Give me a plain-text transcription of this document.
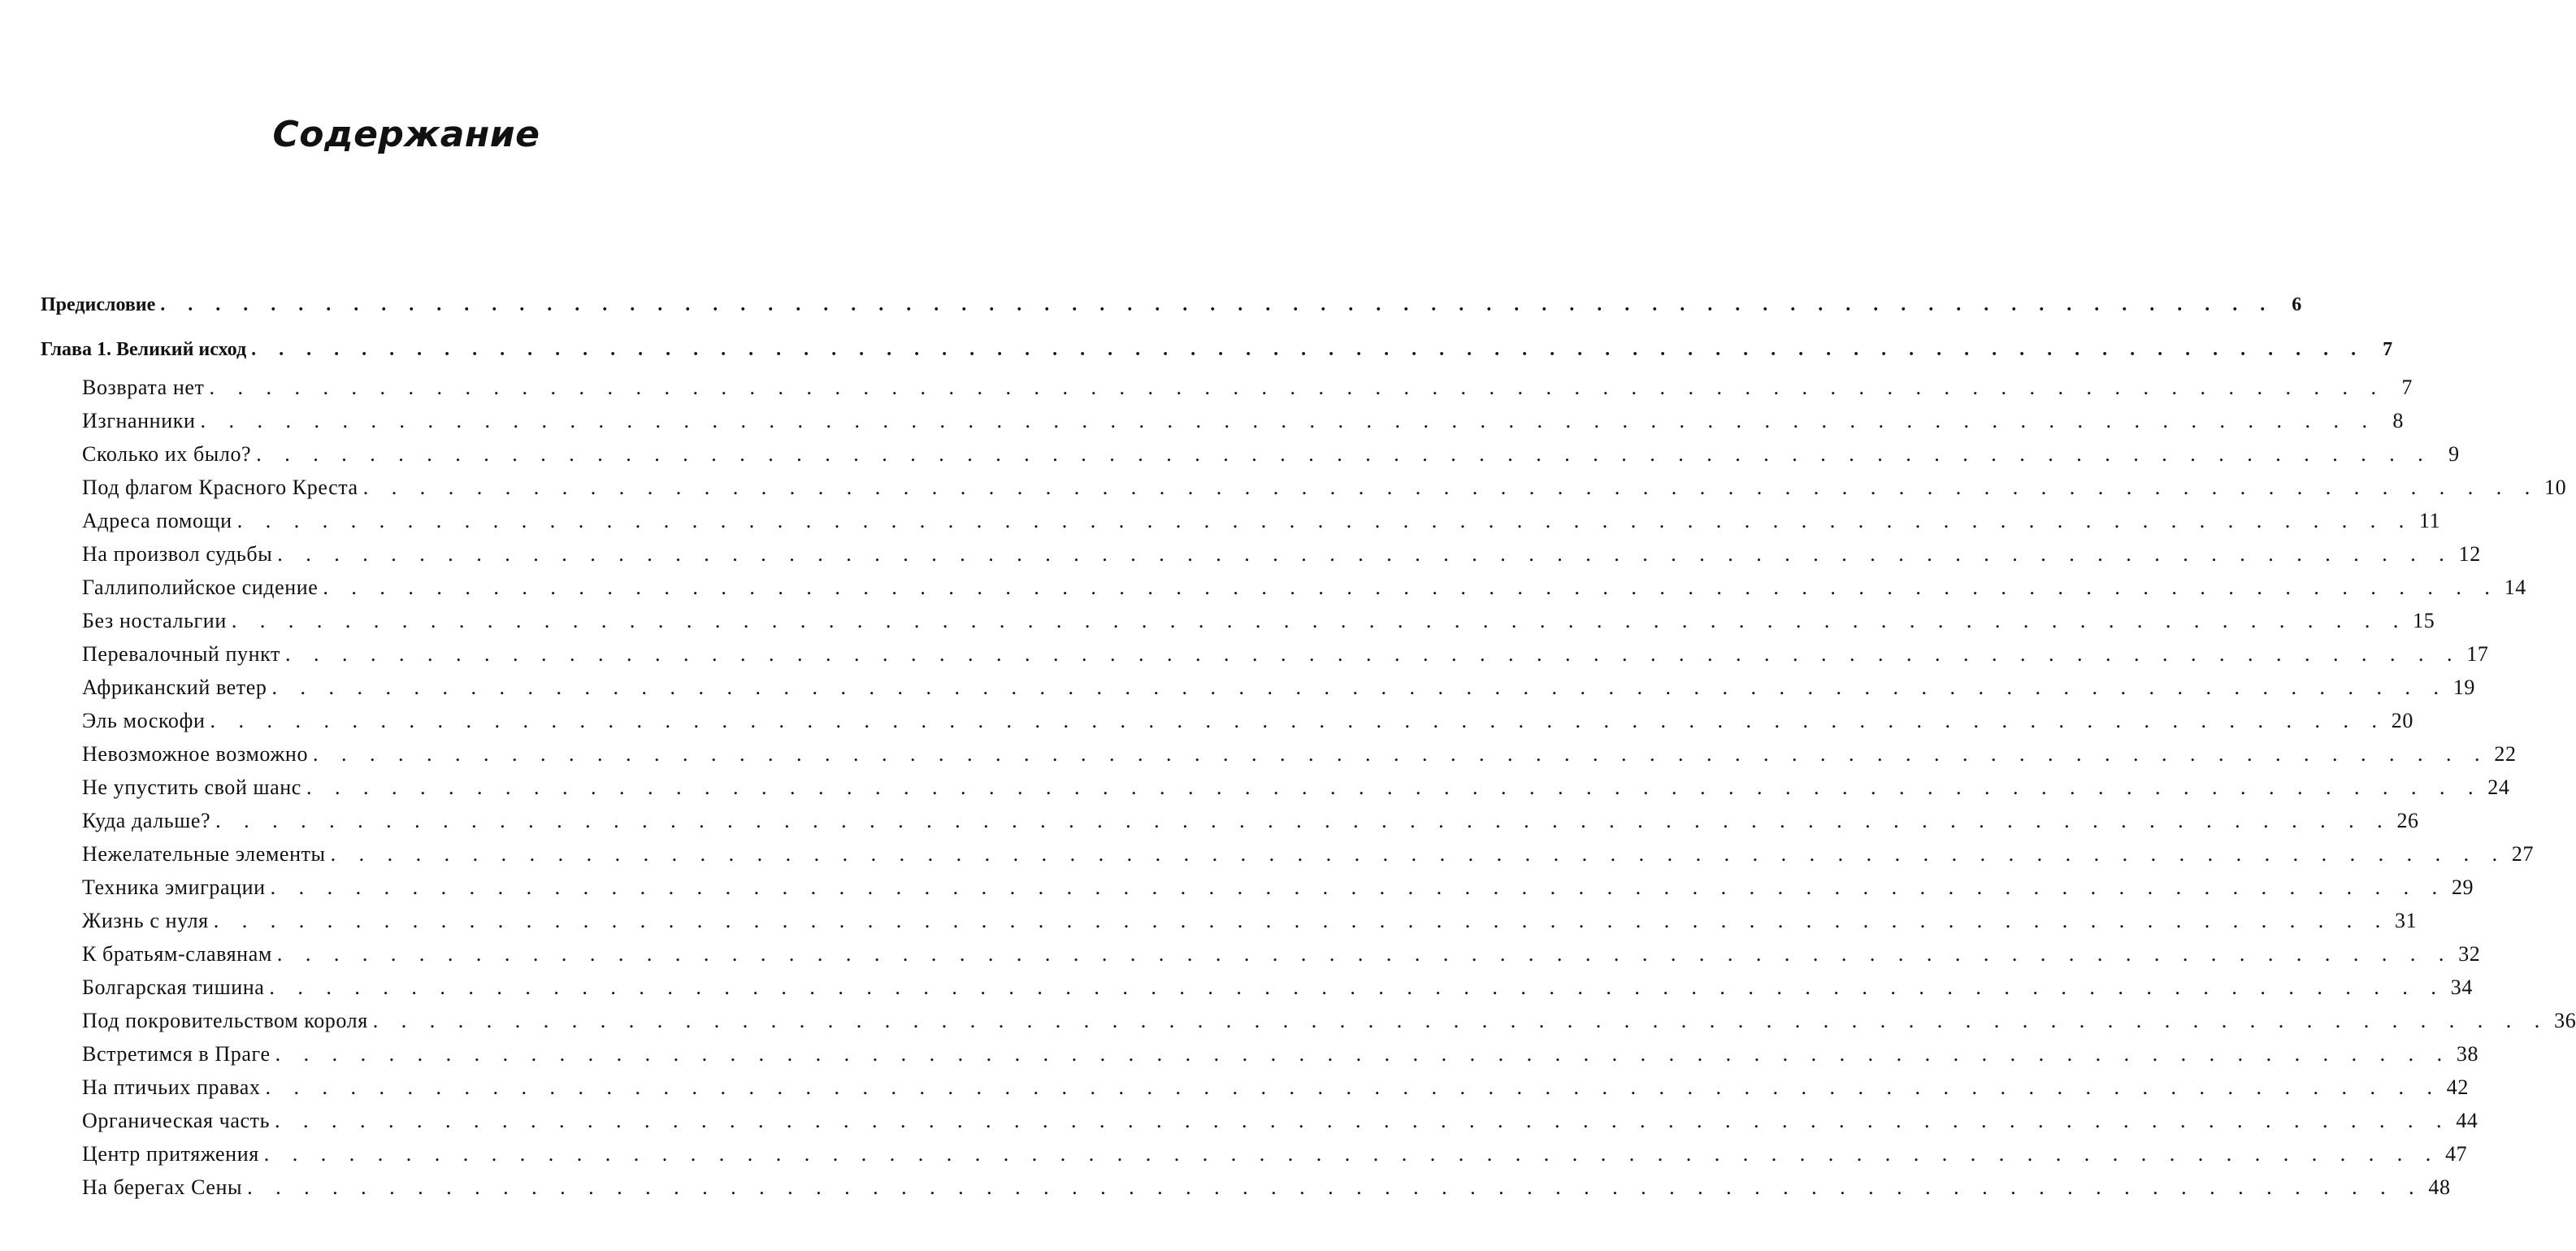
Содержание
Предисловие . . . . . . . . . . . . . . . . . . . . . . . . . . . . . . . . . . . . . . . . . . . . . . . . . . . . . . . . . . . . . . . . . . . . . . . . . . . . . 6
Глава 1. Великий исход . . . . . . . . . . . . . . . . . . . . . . . . . . . . . . . . . . . . . . . . . . . . . . . . . . . . . . . . . . . . . . . . . . . . . . . . . . . . . 7
Возврата нет . . . . . . . . . . . . . . . . . . . . . . . . . . . . . . . . . . . . . . . . . . . . . . . . . . . . . . . . . . . . . . . . . . . . . . . . . . . . . 7
Изгнанники . . . . . . . . . . . . . . . . . . . . . . . . . . . . . . . . . . . . . . . . . . . . . . . . . . . . . . . . . . . . . . . . . . . . . . . . . . . . . 8
Сколько их было? . . . . . . . . . . . . . . . . . . . . . . . . . . . . . . . . . . . . . . . . . . . . . . . . . . . . . . . . . . . . . . . . . . . . . . . . . . . . . 9
Под флагом Красного Креста . . . . . . . . . . . . . . . . . . . . . . . . . . . . . . . . . . . . . . . . . . . . . . . . . . . . . . . . . . . . . . . . . . . . . . . . . . . . . 10
Адреса помощи . . . . . . . . . . . . . . . . . . . . . . . . . . . . . . . . . . . . . . . . . . . . . . . . . . . . . . . . . . . . . . . . . . . . . . . . . . . . . 11
На произвол судьбы . . . . . . . . . . . . . . . . . . . . . . . . . . . . . . . . . . . . . . . . . . . . . . . . . . . . . . . . . . . . . . . . . . . . . . . . . . . . . 12
Галлиполийское сидение . . . . . . . . . . . . . . . . . . . . . . . . . . . . . . . . . . . . . . . . . . . . . . . . . . . . . . . . . . . . . . . . . . . . . . . . . . . . . 14
Без ностальгии . . . . . . . . . . . . . . . . . . . . . . . . . . . . . . . . . . . . . . . . . . . . . . . . . . . . . . . . . . . . . . . . . . . . . . . . . . . . . 15
Перевалочный пункт . . . . . . . . . . . . . . . . . . . . . . . . . . . . . . . . . . . . . . . . . . . . . . . . . . . . . . . . . . . . . . . . . . . . . . . . . . . . . 17
Африканский ветер . . . . . . . . . . . . . . . . . . . . . . . . . . . . . . . . . . . . . . . . . . . . . . . . . . . . . . . . . . . . . . . . . . . . . . . . . . . . . 19
Эль москофи . . . . . . . . . . . . . . . . . . . . . . . . . . . . . . . . . . . . . . . . . . . . . . . . . . . . . . . . . . . . . . . . . . . . . . . . . . . . . 20
Невозможное возможно . . . . . . . . . . . . . . . . . . . . . . . . . . . . . . . . . . . . . . . . . . . . . . . . . . . . . . . . . . . . . . . . . . . . . . . . . . . . . 22
Не упустить свой шанс . . . . . . . . . . . . . . . . . . . . . . . . . . . . . . . . . . . . . . . . . . . . . . . . . . . . . . . . . . . . . . . . . . . . . . . . . . . . . 24
Куда дальше? . . . . . . . . . . . . . . . . . . . . . . . . . . . . . . . . . . . . . . . . . . . . . . . . . . . . . . . . . . . . . . . . . . . . . . . . . . . . . 26
Нежелательные элементы . . . . . . . . . . . . . . . . . . . . . . . . . . . . . . . . . . . . . . . . . . . . . . . . . . . . . . . . . . . . . . . . . . . . . . . . . . . . . 27
Техника эмиграции . . . . . . . . . . . . . . . . . . . . . . . . . . . . . . . . . . . . . . . . . . . . . . . . . . . . . . . . . . . . . . . . . . . . . . . . . . . . . 29
Жизнь с нуля . . . . . . . . . . . . . . . . . . . . . . . . . . . . . . . . . . . . . . . . . . . . . . . . . . . . . . . . . . . . . . . . . . . . . . . . . . . . . 31
К братьям-славянам . . . . . . . . . . . . . . . . . . . . . . . . . . . . . . . . . . . . . . . . . . . . . . . . . . . . . . . . . . . . . . . . . . . . . . . . . . . . . 32
Болгарская тишина . . . . . . . . . . . . . . . . . . . . . . . . . . . . . . . . . . . . . . . . . . . . . . . . . . . . . . . . . . . . . . . . . . . . . . . . . . . . . 34
Под покровительством короля . . . . . . . . . . . . . . . . . . . . . . . . . . . . . . . . . . . . . . . . . . . . . . . . . . . . . . . . . . . . . . . . . . . . . . . . . . . . . 36
Встретимся в Праге . . . . . . . . . . . . . . . . . . . . . . . . . . . . . . . . . . . . . . . . . . . . . . . . . . . . . . . . . . . . . . . . . . . . . . . . . . . . . 38
На птичьих правах . . . . . . . . . . . . . . . . . . . . . . . . . . . . . . . . . . . . . . . . . . . . . . . . . . . . . . . . . . . . . . . . . . . . . . . . . . . . . 42
Органическая часть . . . . . . . . . . . . . . . . . . . . . . . . . . . . . . . . . . . . . . . . . . . . . . . . . . . . . . . . . . . . . . . . . . . . . . . . . . . . . 44
Центр притяжения . . . . . . . . . . . . . . . . . . . . . . . . . . . . . . . . . . . . . . . . . . . . . . . . . . . . . . . . . . . . . . . . . . . . . . . . . . . . . 47
На берегах Сены . . . . . . . . . . . . . . . . . . . . . . . . . . . . . . . . . . . . . . . . . . . . . . . . . . . . . . . . . . . . . . . . . . . . . . . . . . . . . 48
